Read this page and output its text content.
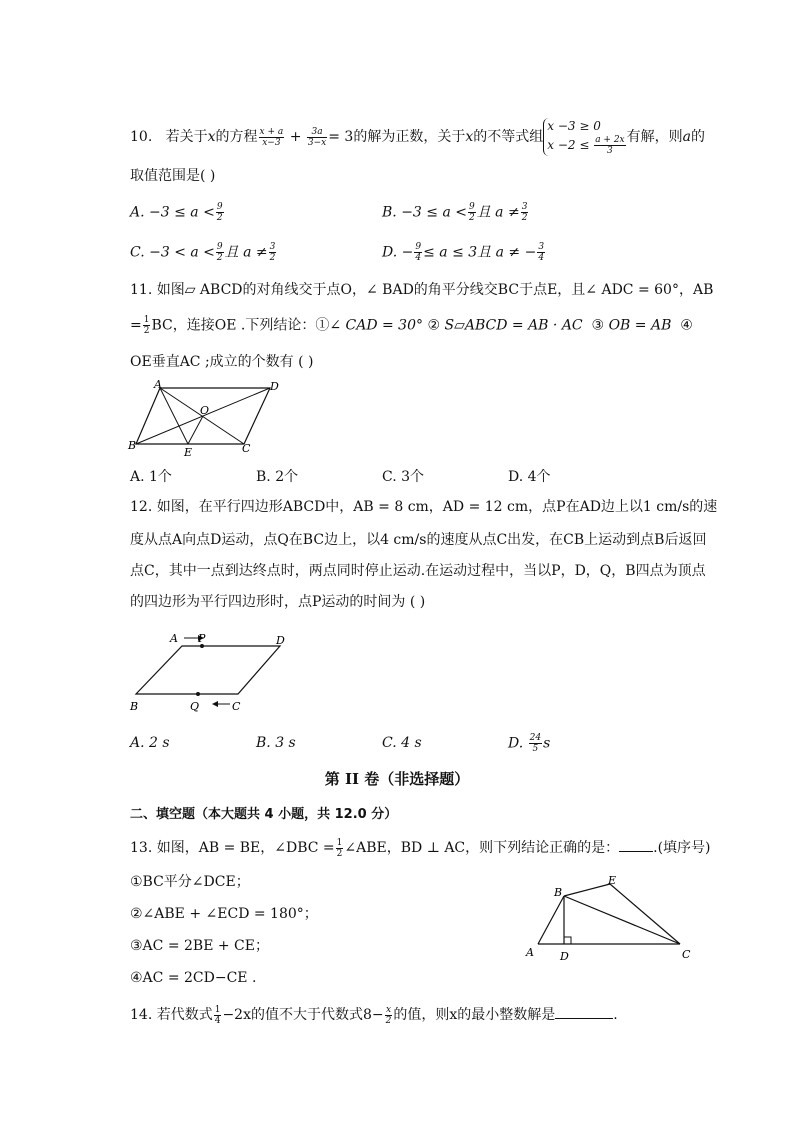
10. 若关于x的方程 $\frac{x + a}{x-3} + \frac{3a}{3-x} = 3$的解为正数，关于x的不等式组x −3 ≥ 0
$x -2 \le \frac{a + 2x}{3}$ 有解，则a的
取值范围是( )
A. $-3 \le a < \frac{9}{2}$	B. $-3 \le a < \frac{9}{2}$ 且 $a \ne \frac{3}{2}$
C. $-3 < a < \frac{9}{2}$ 且 $a \ne \frac{3}{2}$	D. − $\frac{9}{4} \le a \le 3$且 a ≠ − $\frac{3}{4}$
11. 如图▱ ABCD的对角线交于点O，∠ BAD的角平分线交BC于点E，且∠ ADC = 60°，AB
= $\frac{1}{2}$ BC，连接OE .下列结论：①∠ CAD = 30° ② S▱ABCD = AB · AC ③ OB = AB ④
OE垂直AC ;成立的个数有 ( )
A	D
B	C
O
E
A. 1个	B. 2个	C. 3个	D. 4个
12. 如图，在平行四边形ABCD中，AB = 8 cm，AD = 12 cm，点P在AD边上以1 cm/s的速
度从点A向点D运动，点Q在BC边上，以4 cm/s的速度从点C出发，在CB上运动到点B后返回
点C，其中一点到达终点时，两点同时停止运动.在运动过程中，当以P，D，Q，B四点为顶点
的四边形为平行四边形时，点P运动的时间为 ( )
A P	D
B	Q	C
A. 2 s	B. 3 s	C. 4 s	D. $\frac{24}{5}$ s
第 II 卷（非选择题）
二、填空题（本大题共 4 小题，共 12.0 分）
13. 如图，AB = BE，∠DBC = $\frac{1}{2}$ ∠ABE，BD ⊥ AC，则下列结论正确的是： .(填序号)
①BC平分∠DCE；
②∠ABE + ∠ECD = 180°；
③AC = 2BE + CE；
④AC = 2CD−CE .
A
B
C
D
E
14. 若代数式 $\frac{1}{4} -2x$的值不大于代数式$8- \frac{x}{2}$ 的值，则x的最小整数解是	.
